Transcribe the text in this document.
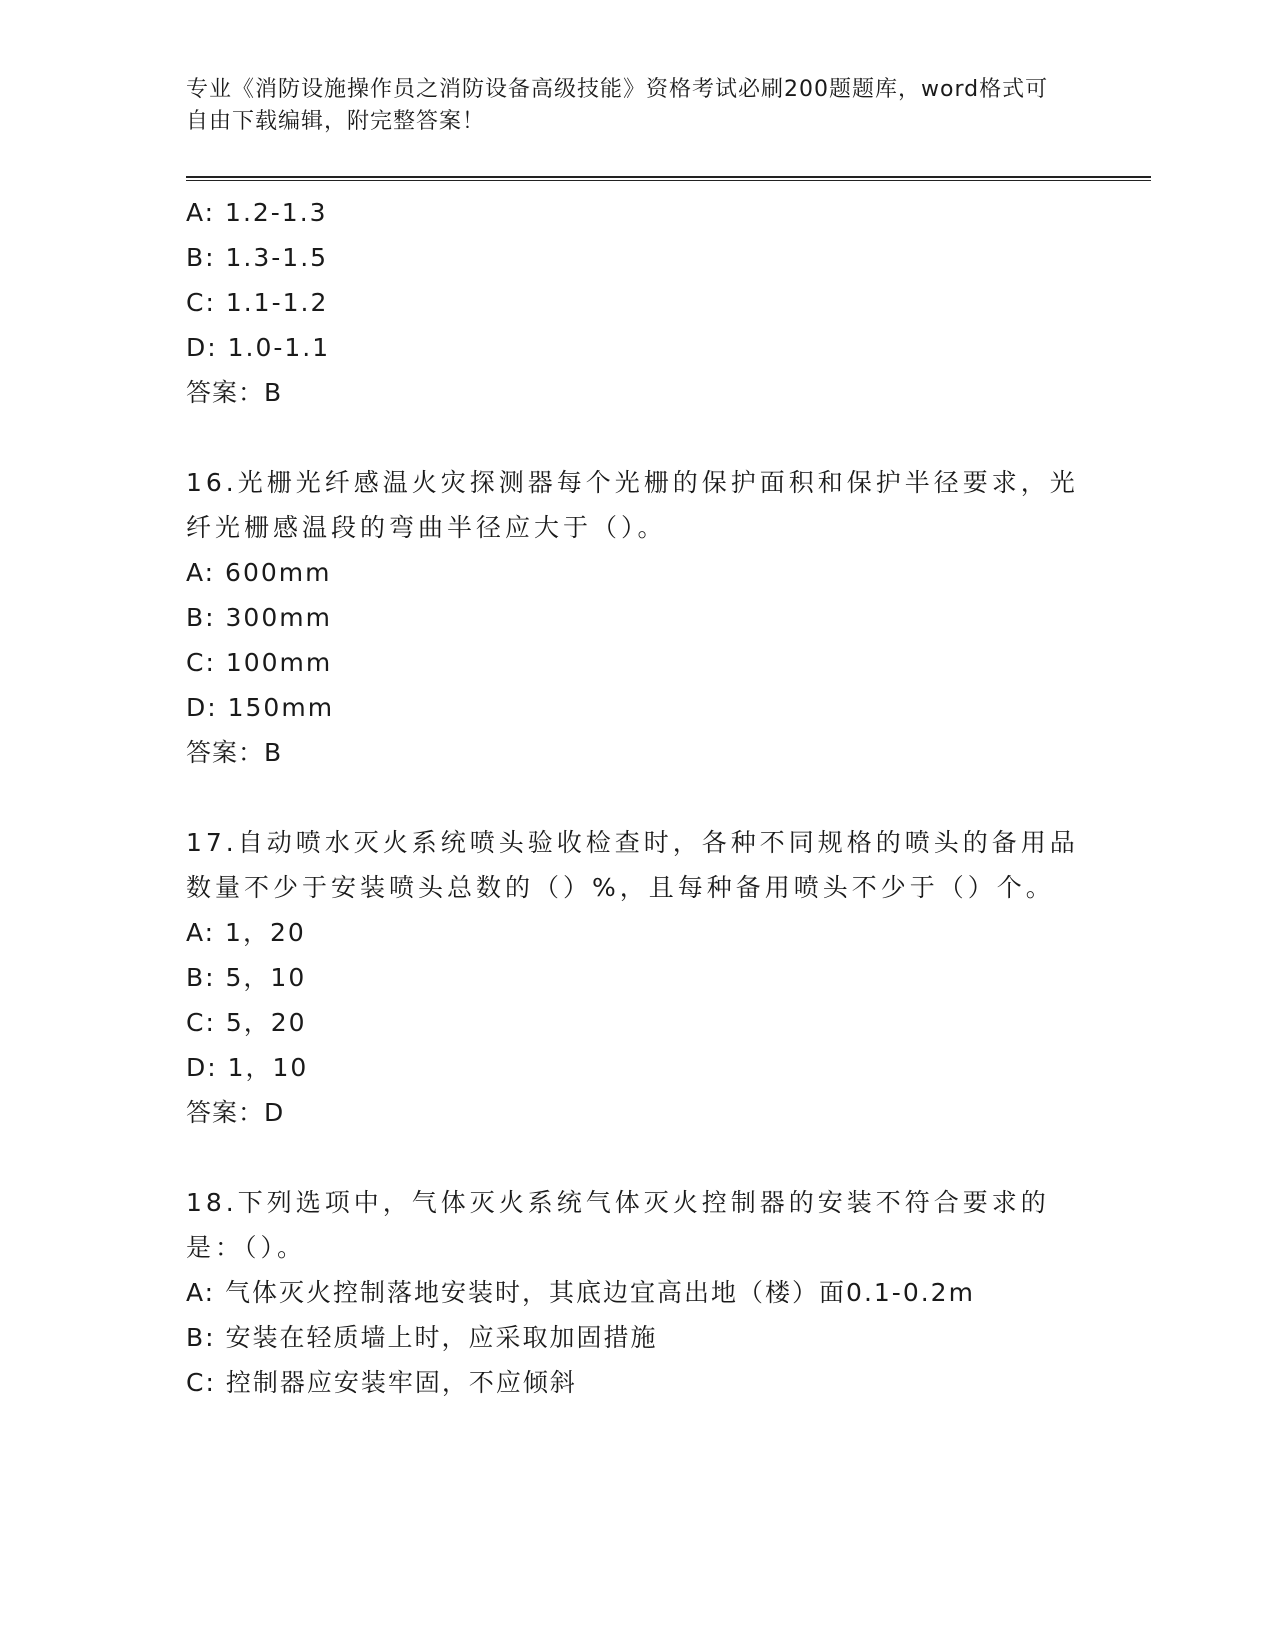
专业《消防设施操作员之消防设备高级技能》资格考试必刷200题题库，word格式可自由下载编辑，附完整答案！
A: 1.2-1.3
B: 1.3-1.5
C: 1.1-1.2
D: 1.0-1.1
答案：B
16.光栅光纤感温火灾探测器每个光栅的保护面积和保护半径要求，光纤光栅感温段的弯曲半径应大于（）。
A: 600mm
B: 300mm
C: 100mm
D: 150mm
答案：B
17.自动喷水灭火系统喷头验收检查时，各种不同规格的喷头的备用品数量不少于安装喷头总数的（）%，且每种备用喷头不少于（）个。
A: 1，20
B: 5，10
C: 5，20
D: 1，10
答案：D
18.下列选项中，气体灭火系统气体灭火控制器的安装不符合要求的是：（）。
A: 气体灭火控制落地安装时，其底边宜高出地（楼）面0.1-0.2m
B: 安装在轻质墙上时，应采取加固措施
C: 控制器应安装牢固，不应倾斜
